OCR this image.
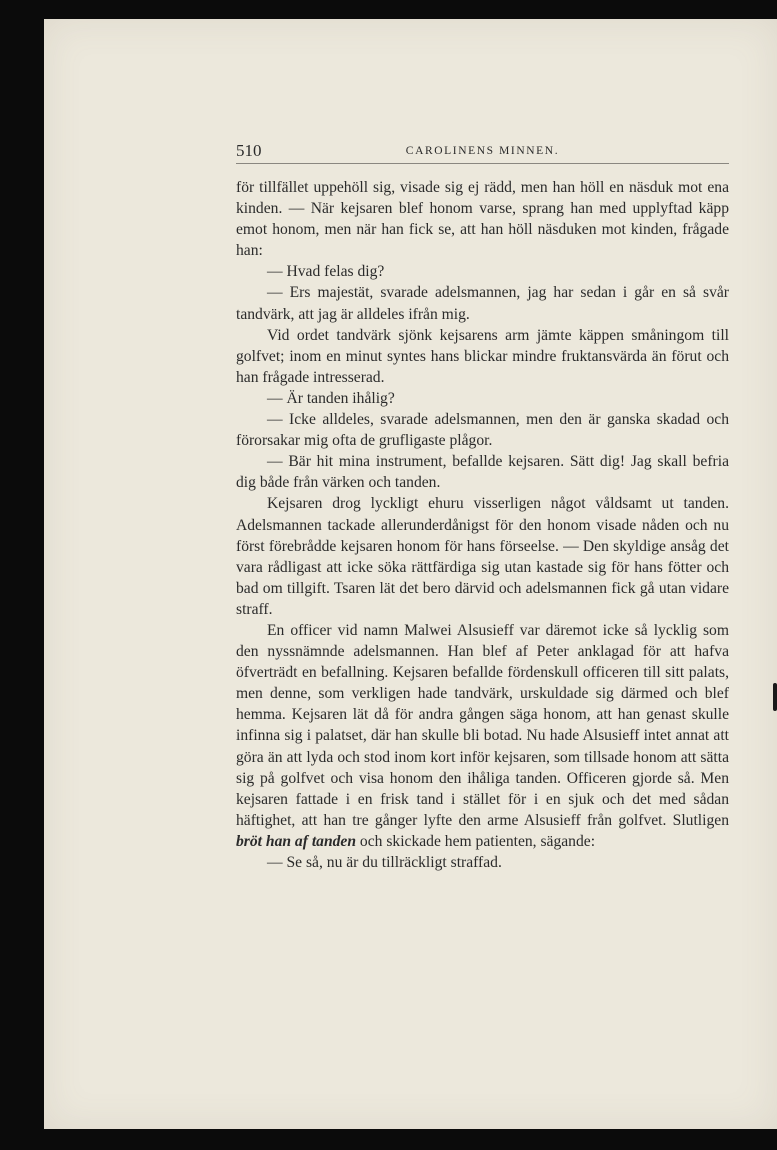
510	CAROLINENS MINNEN.

för tillfället uppehöll sig, visade sig ej rädd, men han höll en näsduk mot ena kinden. — När kejsaren blef honom varse, sprang han med upplyftad käpp emot honom, men när han fick se, att han höll näsduken mot kinden, frågade han:

— Hvad felas dig?

— Ers majestät, svarade adelsmannen, jag har sedan i går en så svår tandvärk, att jag är alldeles ifrån mig.

Vid ordet tandvärk sjönk kejsarens arm jämte käppen småningom till golfvet; inom en minut syntes hans blickar mindre fruktansvärda än förut och han frågade intresserad.

— Är tanden ihålig?

— Icke alldeles, svarade adelsmannen, men den är ganska skadad och förorsakar mig ofta de grufligaste plågor.

— Bär hit mina instrument, befallde kejsaren. Sätt dig! Jag skall befria dig både från värken och tanden.

Kejsaren drog lyckligt ehuru visserligen något våldsamt ut tanden. Adelsmannen tackade allerunderdånigst för den honom visade nåden och nu först förebrådde kejsaren honom för hans förseelse. — Den skyldige ansåg det vara rådligast att icke söka rättfärdiga sig utan kastade sig för hans fötter och bad om tillgift. Tsaren lät det bero därvid och adelsmannen fick gå utan vidare straff.

En officer vid namn Malwei Alsusieff var däremot icke så lycklig som den nyssnämnde adelsmannen. Han blef af Peter anklagad för att hafva öfverträdt en befallning. Kejsaren befallde fördenskull officeren till sitt palats, men denne, som verkligen hade tandvärk, urskuldade sig därmed och blef hemma. Kejsaren lät då för andra gången säga honom, att han genast skulle infinna sig i palatset, där han skulle bli botad. Nu hade Alsusieff intet annat att göra än att lyda och stod inom kort inför kejsaren, som tillsade honom att sätta sig på golfvet och visa honom den ihåliga tanden. Officeren gjorde så. Men kejsaren fattade i en frisk tand i stället för i en sjuk och det med sådan häftighet, att han tre gånger lyfte den arme Alsusieff från golfvet. Slutligen bröt han af tanden och skickade hem patienten, sägande:

— Se så, nu är du tillräckligt straffad.
